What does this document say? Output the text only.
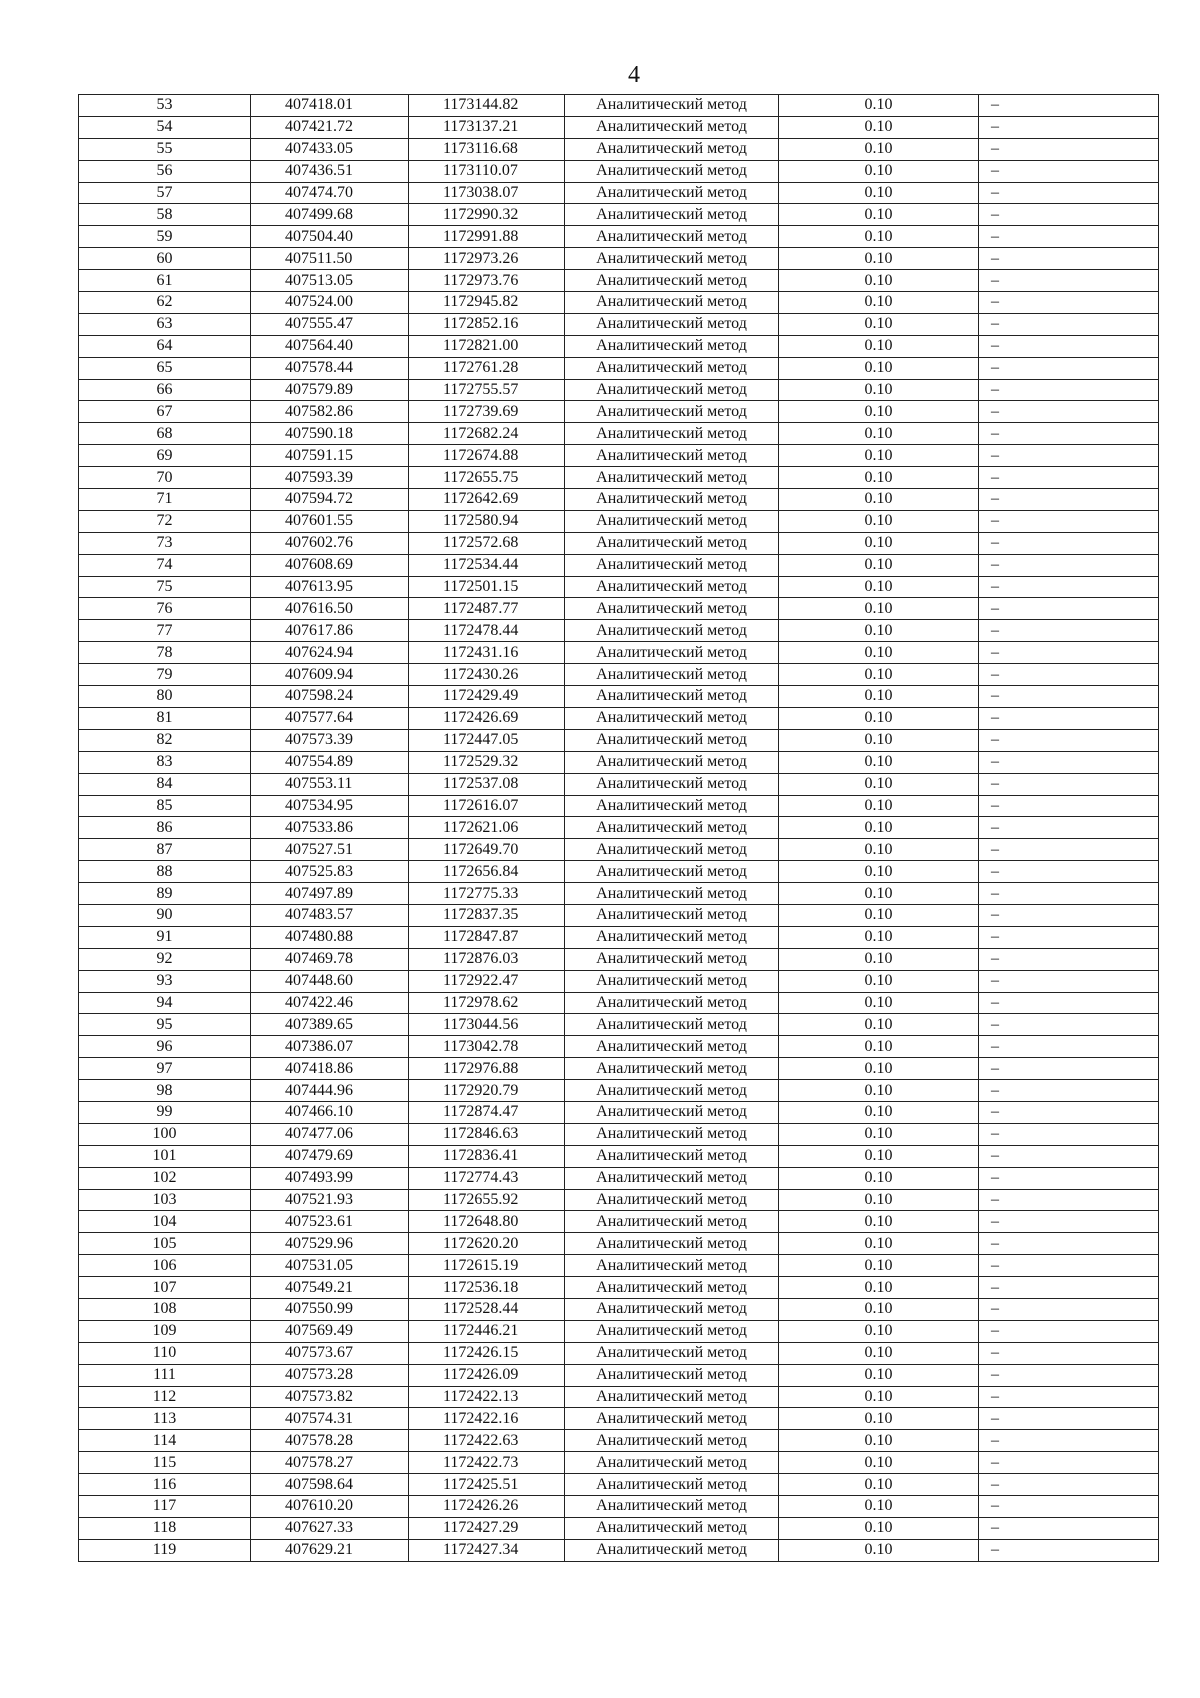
4
53	407418.01	1173144.82	Аналитический метод	0.10	–
54	407421.72	1173137.21	Аналитический метод	0.10	–
55	407433.05	1173116.68	Аналитический метод	0.10	–
56	407436.51	1173110.07	Аналитический метод	0.10	–
57	407474.70	1173038.07	Аналитический метод	0.10	–
58	407499.68	1172990.32	Аналитический метод	0.10	–
59	407504.40	1172991.88	Аналитический метод	0.10	–
60	407511.50	1172973.26	Аналитический метод	0.10	–
61	407513.05	1172973.76	Аналитический метод	0.10	–
62	407524.00	1172945.82	Аналитический метод	0.10	–
63	407555.47	1172852.16	Аналитический метод	0.10	–
64	407564.40	1172821.00	Аналитический метод	0.10	–
65	407578.44	1172761.28	Аналитический метод	0.10	–
66	407579.89	1172755.57	Аналитический метод	0.10	–
67	407582.86	1172739.69	Аналитический метод	0.10	–
68	407590.18	1172682.24	Аналитический метод	0.10	–
69	407591.15	1172674.88	Аналитический метод	0.10	–
70	407593.39	1172655.75	Аналитический метод	0.10	–
71	407594.72	1172642.69	Аналитический метод	0.10	–
72	407601.55	1172580.94	Аналитический метод	0.10	–
73	407602.76	1172572.68	Аналитический метод	0.10	–
74	407608.69	1172534.44	Аналитический метод	0.10	–
75	407613.95	1172501.15	Аналитический метод	0.10	–
76	407616.50	1172487.77	Аналитический метод	0.10	–
77	407617.86	1172478.44	Аналитический метод	0.10	–
78	407624.94	1172431.16	Аналитический метод	0.10	–
79	407609.94	1172430.26	Аналитический метод	0.10	–
80	407598.24	1172429.49	Аналитический метод	0.10	–
81	407577.64	1172426.69	Аналитический метод	0.10	–
82	407573.39	1172447.05	Аналитический метод	0.10	–
83	407554.89	1172529.32	Аналитический метод	0.10	–
84	407553.11	1172537.08	Аналитический метод	0.10	–
85	407534.95	1172616.07	Аналитический метод	0.10	–
86	407533.86	1172621.06	Аналитический метод	0.10	–
87	407527.51	1172649.70	Аналитический метод	0.10	–
88	407525.83	1172656.84	Аналитический метод	0.10	–
89	407497.89	1172775.33	Аналитический метод	0.10	–
90	407483.57	1172837.35	Аналитический метод	0.10	–
91	407480.88	1172847.87	Аналитический метод	0.10	–
92	407469.78	1172876.03	Аналитический метод	0.10	–
93	407448.60	1172922.47	Аналитический метод	0.10	–
94	407422.46	1172978.62	Аналитический метод	0.10	–
95	407389.65	1173044.56	Аналитический метод	0.10	–
96	407386.07	1173042.78	Аналитический метод	0.10	–
97	407418.86	1172976.88	Аналитический метод	0.10	–
98	407444.96	1172920.79	Аналитический метод	0.10	–
99	407466.10	1172874.47	Аналитический метод	0.10	–
100	407477.06	1172846.63	Аналитический метод	0.10	–
101	407479.69	1172836.41	Аналитический метод	0.10	–
102	407493.99	1172774.43	Аналитический метод	0.10	–
103	407521.93	1172655.92	Аналитический метод	0.10	–
104	407523.61	1172648.80	Аналитический метод	0.10	–
105	407529.96	1172620.20	Аналитический метод	0.10	–
106	407531.05	1172615.19	Аналитический метод	0.10	–
107	407549.21	1172536.18	Аналитический метод	0.10	–
108	407550.99	1172528.44	Аналитический метод	0.10	–
109	407569.49	1172446.21	Аналитический метод	0.10	–
110	407573.67	1172426.15	Аналитический метод	0.10	–
111	407573.28	1172426.09	Аналитический метод	0.10	–
112	407573.82	1172422.13	Аналитический метод	0.10	–
113	407574.31	1172422.16	Аналитический метод	0.10	–
114	407578.28	1172422.63	Аналитический метод	0.10	–
115	407578.27	1172422.73	Аналитический метод	0.10	–
116	407598.64	1172425.51	Аналитический метод	0.10	–
117	407610.20	1172426.26	Аналитический метод	0.10	–
118	407627.33	1172427.29	Аналитический метод	0.10	–
119	407629.21	1172427.34	Аналитический метод	0.10	–
